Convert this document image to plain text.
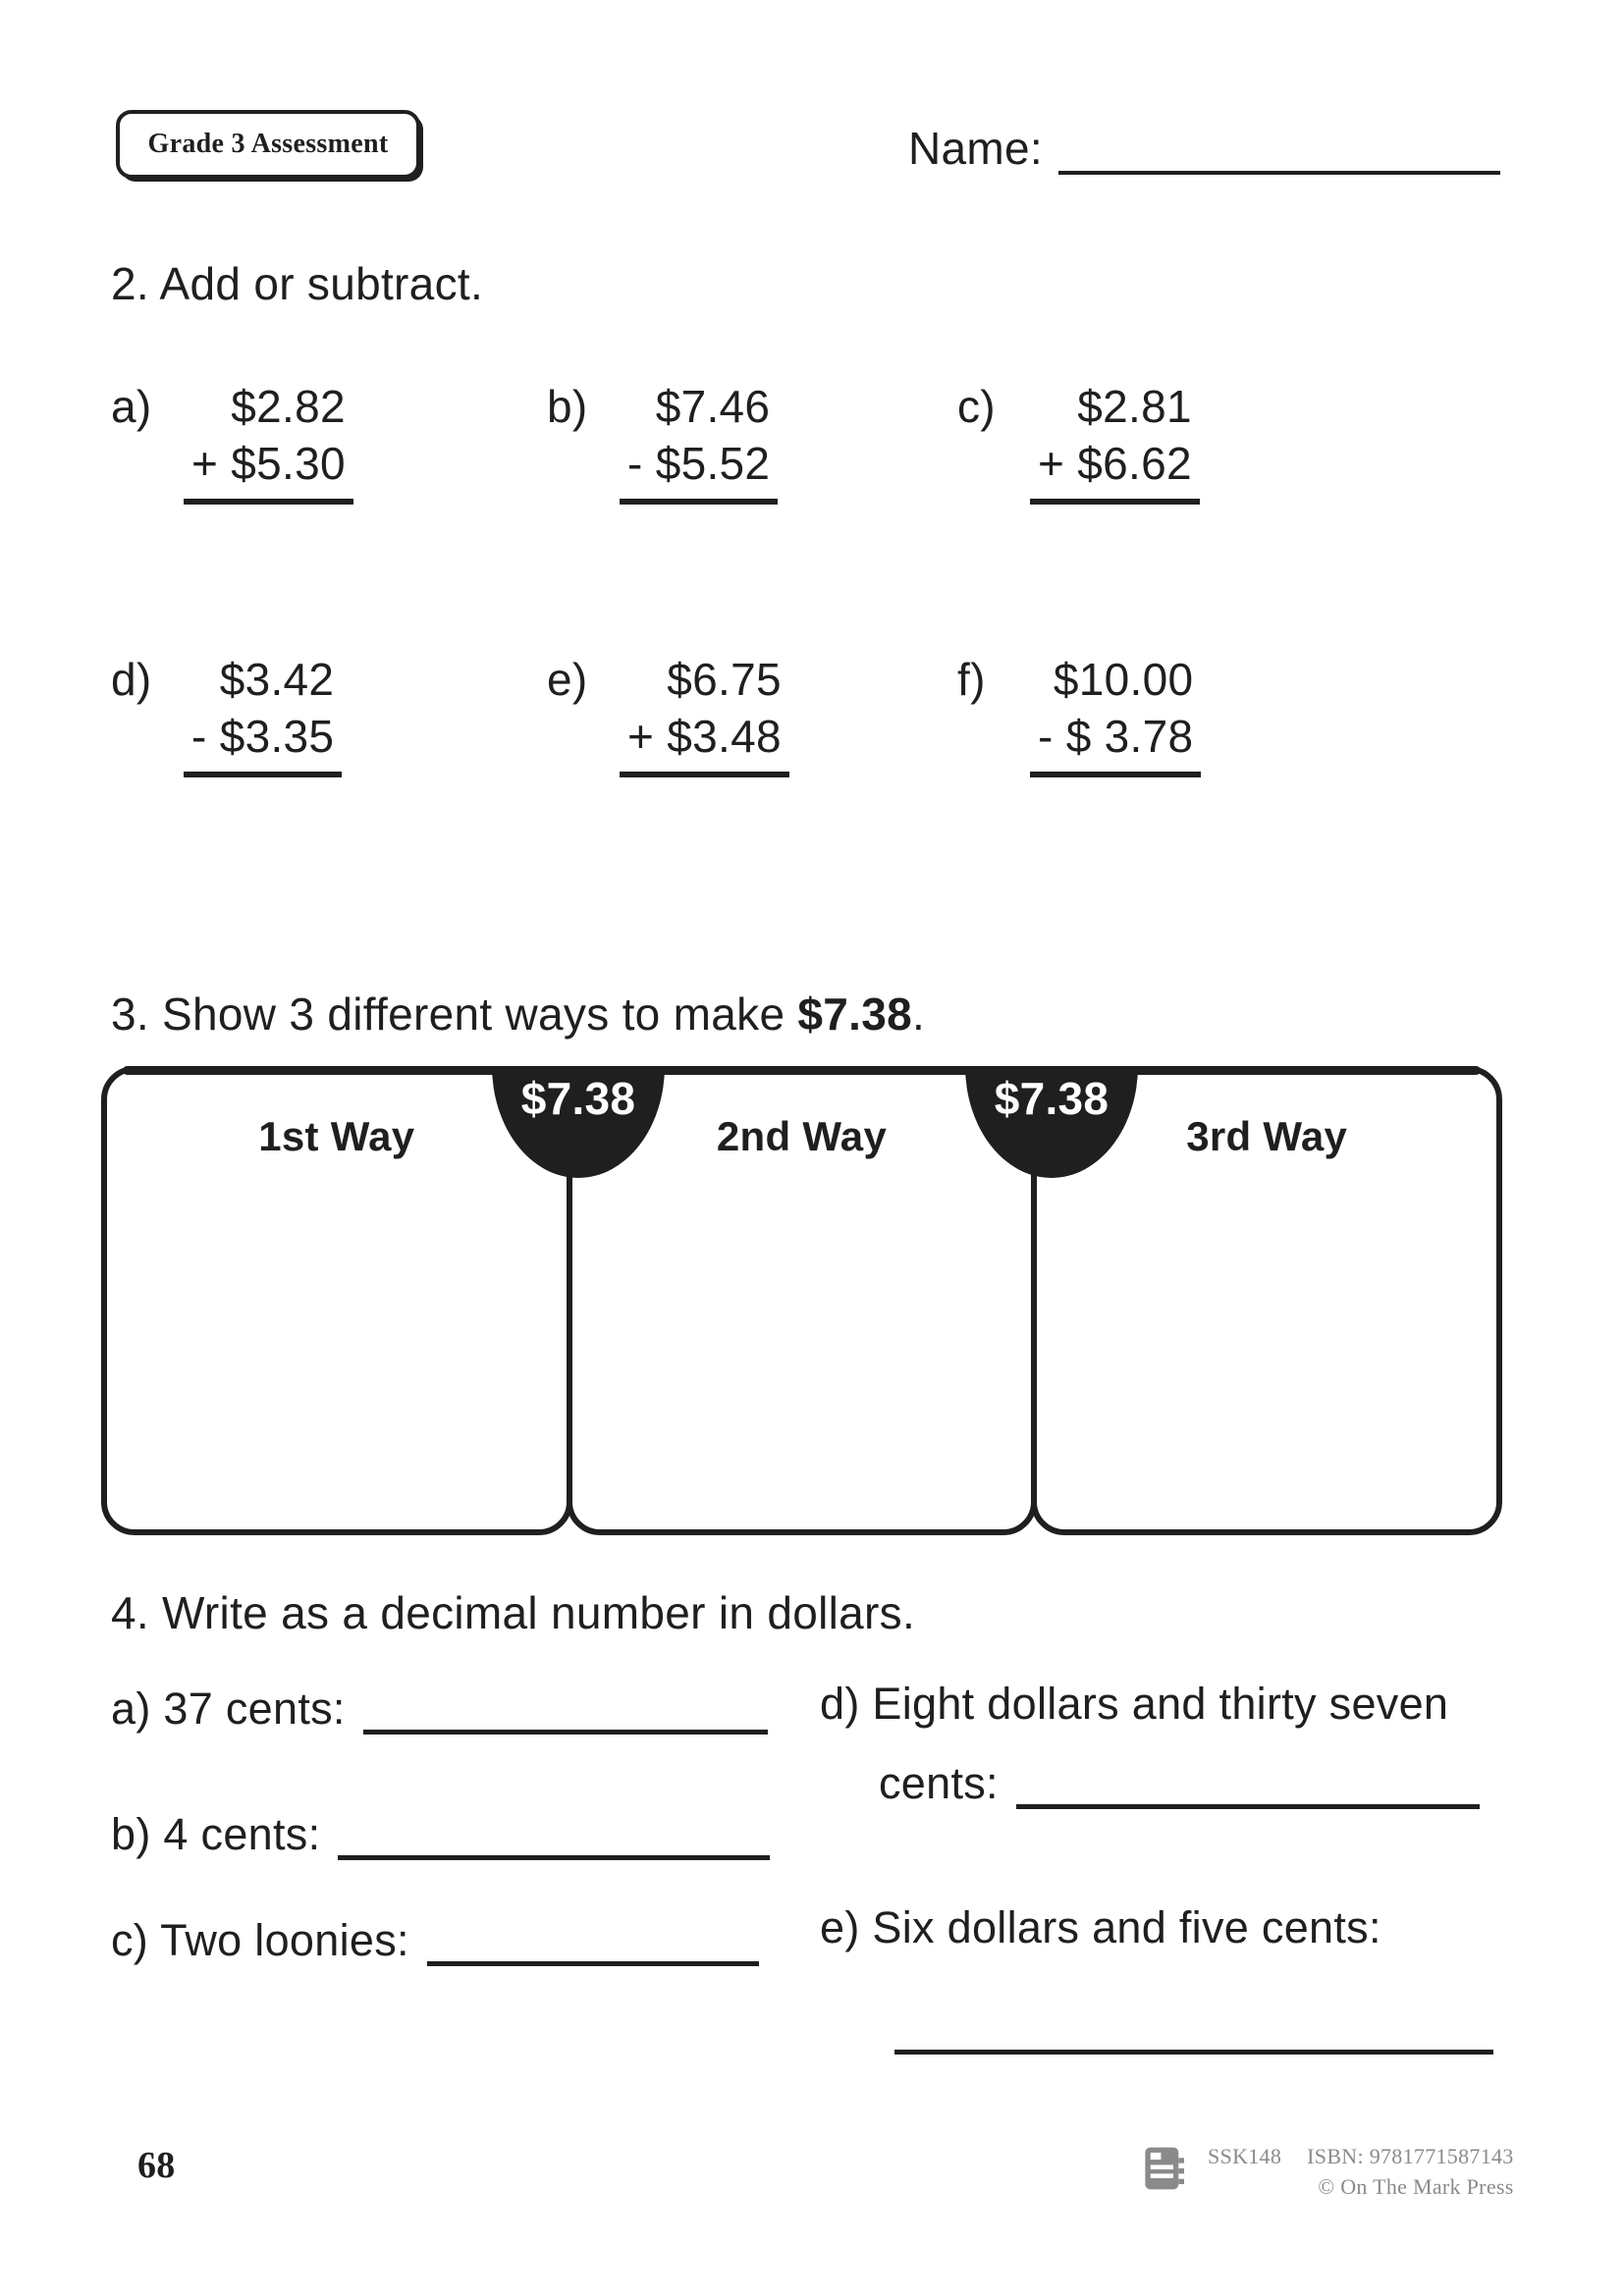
Grade 3 Assessment	Name:
2. Add or subtract.
a) $2.82
+ $5.30
b) $7.46
- $5.52
c) $2.81
+ $6.62
d) $3.42
- $3.35
e) $6.75
+ $3.48
f)	$10.00
- $ 3.78
3. Show 3 different ways to make $7.38.
1st Way	2nd Way	3rd Way
$7.38	$7.38
4. Write as a decimal number in dollars.
a) 37 cents:
b) 4 cents:
c) Two loonies:
d) Eight dollars and thirty seven
cents:
e) Six dollars and five cents:
68	SSK148 ISBN: 9781771587143
© On The Mark Press
